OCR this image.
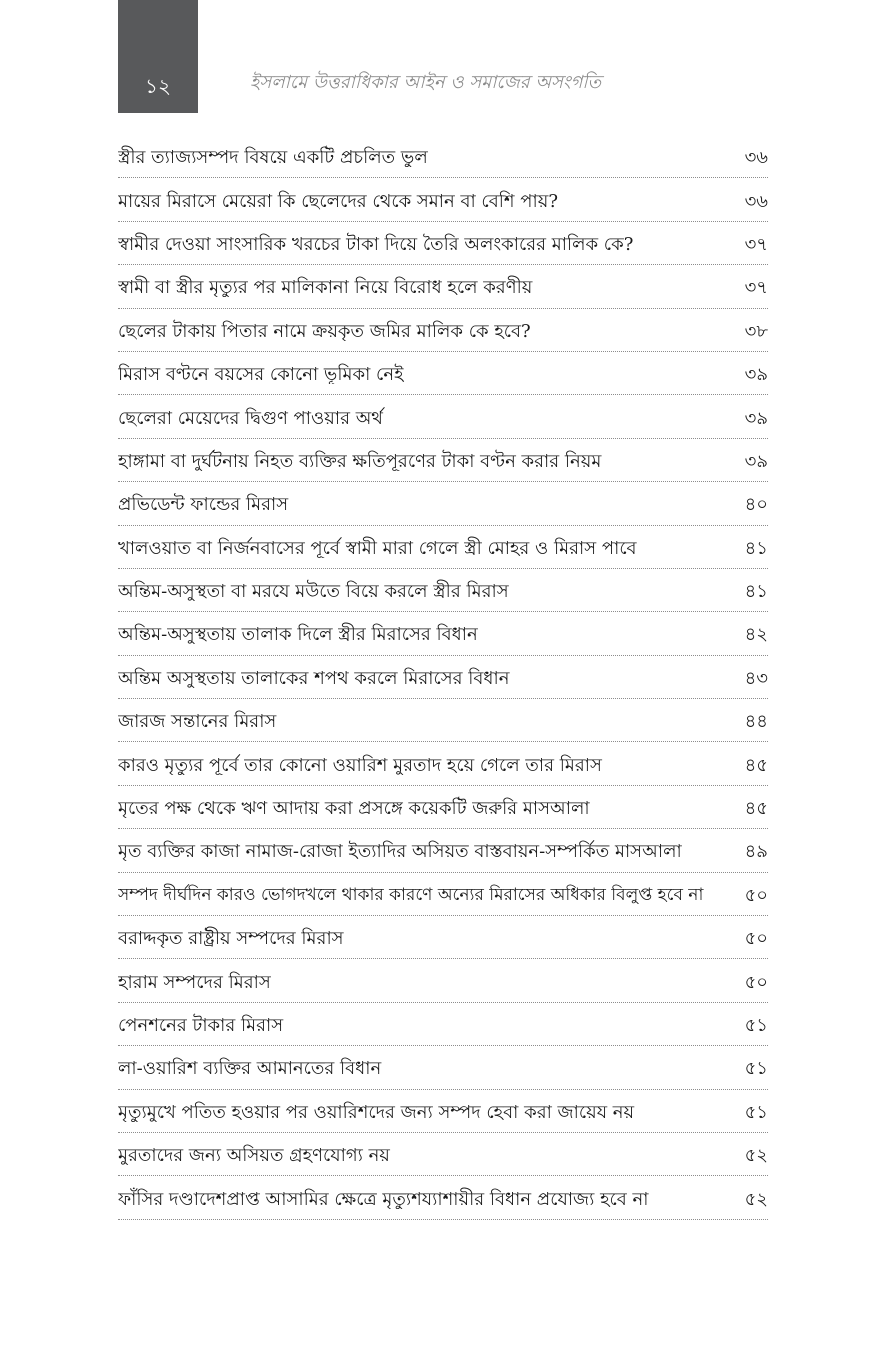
১২	ইসলামে উত্তরাধিকার আইন ও সমাজের অসংগতি
স্ত্রীর ত্যাজ্যসম্পদ বিষয়ে একটি প্রচলিত ভুল	৩৬
মায়ের মিরাসে মেয়েরা কি ছেলেদের থেকে সমান বা বেশি পায়?	৩৬
স্বামীর দেওয়া সাংসারিক খরচের টাকা দিয়ে তৈরি অলংকারের মালিক কে?	৩৭
স্বামী বা স্ত্রীর মৃত্যুর পর মালিকানা নিয়ে বিরোধ হলে করণীয়	৩৭
ছেলের টাকায় পিতার নামে ক্রয়কৃত জমির মালিক কে হবে?	৩৮
মিরাস বণ্টনে বয়সের কোনো ভূমিকা নেই	৩৯
ছেলেরা মেয়েদের দ্বিগুণ পাওয়ার অর্থ	৩৯
হাঙ্গামা বা দুর্ঘটনায় নিহত ব্যক্তির ক্ষতিপূরণের টাকা বণ্টন করার নিয়ম	৩৯
প্রভিডেন্ট ফান্ডের মিরাস	৪০
খালওয়াত বা নির্জনবাসের পূর্বে স্বামী মারা গেলে স্ত্রী মোহর ও মিরাস পাবে	৪১
অন্তিম-অসুস্থতা বা মরযে মউতে বিয়ে করলে স্ত্রীর মিরাস	৪১
অন্তিম-অসুস্থতায় তালাক দিলে স্ত্রীর মিরাসের বিধান	৪২
অন্তিম অসুস্থতায় তালাকের শপথ করলে মিরাসের বিধান	৪৩
জারজ সন্তানের মিরাস	৪৪
কারও মৃত্যুর পূর্বে তার কোনো ওয়ারিশ মুরতাদ হয়ে গেলে তার মিরাস	৪৫
মৃতের পক্ষ থেকে ঋণ আদায় করা প্রসঙ্গে কয়েকটি জরুরি মাসআলা	৪৫
মৃত ব্যক্তির কাজা নামাজ-রোজা ইত্যাদির অসিয়ত বাস্তবায়ন-সম্পর্কিত মাসআলা	৪৯
সম্পদ দীর্ঘদিন কারও ভোগদখলে থাকার কারণে অন্যের মিরাসের অধিকার বিলুপ্ত হবে না	৫০
বরাদ্দকৃত রাষ্ট্রীয় সম্পদের মিরাস	৫০
হারাম সম্পদের মিরাস	৫০
পেনশনের টাকার মিরাস	৫১
লা-ওয়ারিশ ব্যক্তির আমানতের বিধান	৫১
মৃত্যুমুখে পতিত হওয়ার পর ওয়ারিশদের জন্য সম্পদ হেবা করা জায়েয নয়	৫১
মুরতাদের জন্য অসিয়ত গ্রহণযোগ্য নয়	৫২
ফাঁসির দণ্ডাদেশপ্রাপ্ত আসামির ক্ষেত্রে মৃত্যুশয্যাশায়ীর বিধান প্রযোজ্য হবে না	৫২
